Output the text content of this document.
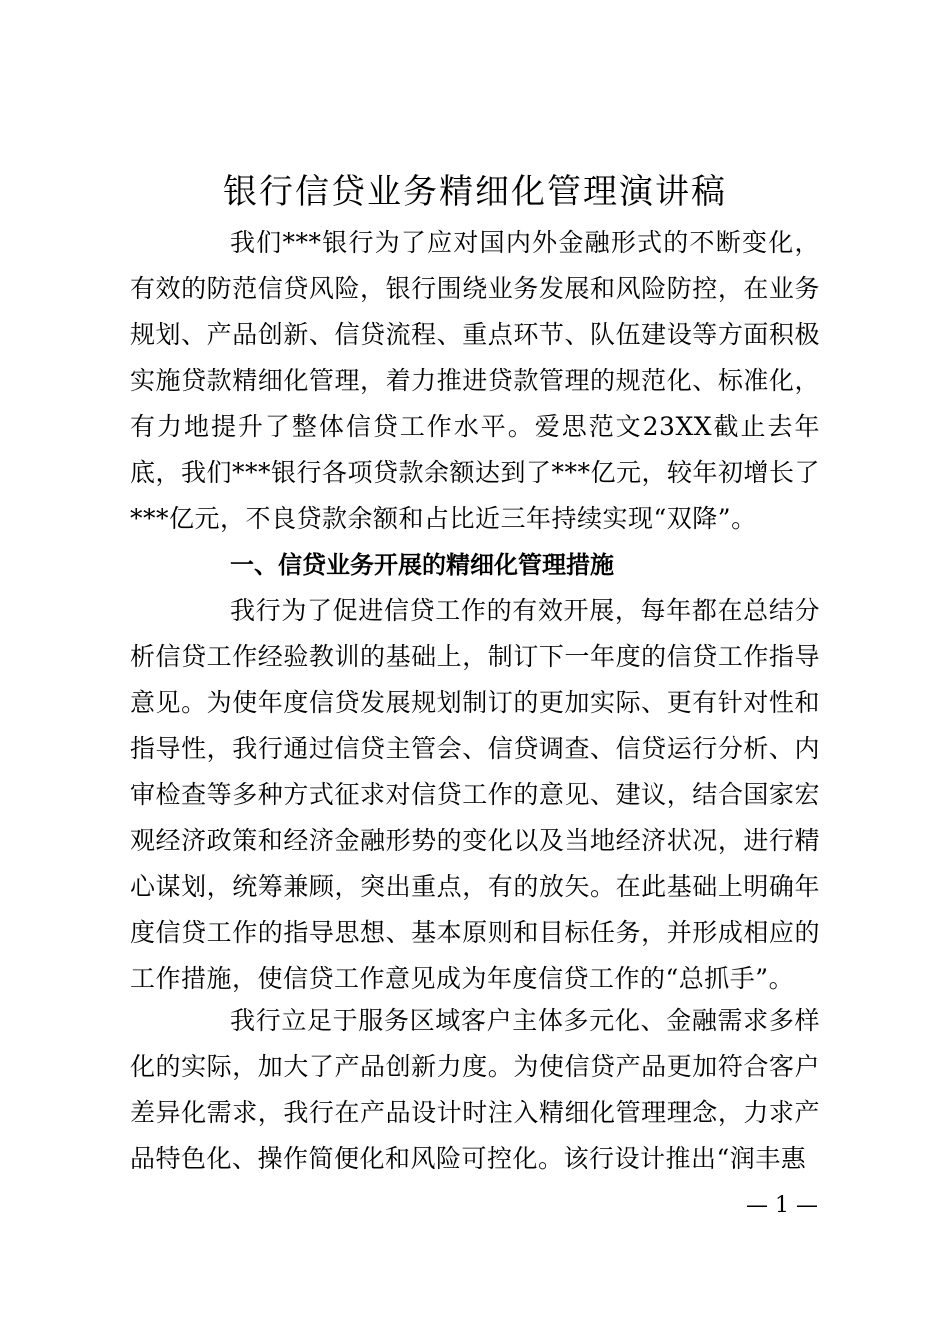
银行信贷业务精细化管理演讲稿

我们***银行为了应对国内外金融形式的不断变化，有效的防范信贷风险，银行围绕业务发展和风险防控，在业务规划、产品创新、信贷流程、重点环节、队伍建设等方面积极实施贷款精细化管理，着力推进贷款管理的规范化、标准化，有力地提升了整体信贷工作水平。爱思范文23XX截止去年底，我们***银行各项贷款余额达到了***亿元，较年初增长了***亿元，不良贷款余额和占比近三年持续实现“双降”。

一、信贷业务开展的精细化管理措施

我行为了促进信贷工作的有效开展，每年都在总结分析信贷工作经验教训的基础上，制订下一年度的信贷工作指导意见。为使年度信贷发展规划制订的更加实际、更有针对性和指导性，我行通过信贷主管会、信贷调查、信贷运行分析、内审检查等多种方式征求对信贷工作的意见、建议，结合国家宏观经济政策和经济金融形势的变化以及当地经济状况，进行精心谋划，统筹兼顾，突出重点，有的放矢。在此基础上明确年度信贷工作的指导思想、基本原则和目标任务，并形成相应的工作措施，使信贷工作意见成为年度信贷工作的“总抓手”。

我行立足于服务区域客户主体多元化、金融需求多样化的实际，加大了产品创新力度。为使信贷产品更加符合客户差异化需求，我行在产品设计时注入精细化管理理念，力求产品特色化、操作简便化和风险可控化。该行设计推出“润丰惠

— 1 —
